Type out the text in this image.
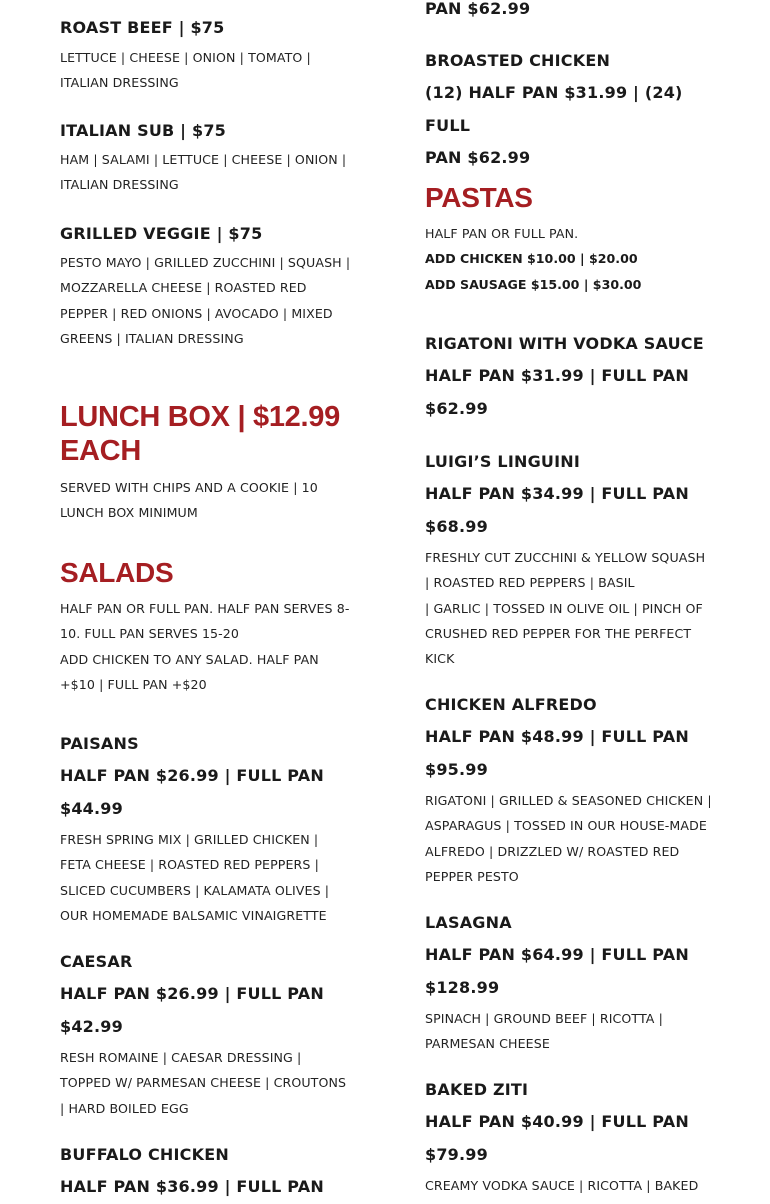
ROAST BEEF | $75

LETTUCE | CHEESE | ONION | TOMATO | ITALIAN DRESSING

ITALIAN SUB | $75

HAM | SALAMI | LETTUCE | CHEESE | ONION | ITALIAN DRESSING

GRILLED VEGGIE | $75

PESTO MAYO | GRILLED ZUCCHINI | SQUASH | MOZZARELLA CHEESE | ROASTED RED PEPPER | RED ONIONS | AVOCADO | MIXED GREENS | ITALIAN DRESSING

LUNCH BOX | $12.99

EACH

SERVED WITH CHIPS AND A COOKIE | 10 LUNCH BOX MINIMUM

SALADS

HALF PAN OR FULL PAN. HALF PAN SERVES 8-10. FULL PAN SERVES 15-20

ADD CHICKEN TO ANY SALAD. HALF PAN +$10 | FULL PAN +$20

PAISANS

HALF PAN $26.99 | FULL PAN

$44.99

FRESH SPRING MIX | GRILLED CHICKEN | FETA CHEESE | ROASTED RED PEPPERS | SLICED CUCUMBERS | KALAMATA OLIVES | OUR HOMEMADE BALSAMIC VINAIGRETTE

CAESAR

HALF PAN $26.99 | FULL PAN

$42.99

RESH ROMAINE | CAESAR DRESSING | TOPPED W/ PARMESAN CHEESE | CROUTONS | HARD BOILED EGG

BUFFALO CHICKEN

HALF PAN $36.99 | FULL PAN

PAN $62.99

BROASTED CHICKEN

(12) HALF PAN $31.99 | (24) FULL

PAN $62.99

PASTAS

HALF PAN OR FULL PAN.

ADD CHICKEN $10.00 | $20.00

ADD SAUSAGE $15.00 | $30.00

RIGATONI WITH VODKA SAUCE

HALF PAN $31.99 | FULL PAN

$62.99

LUIGI’S LINGUINI

HALF PAN $34.99 | FULL PAN

$68.99

FRESHLY CUT ZUCCHINI & YELLOW SQUASH

| ROASTED RED PEPPERS | BASIL

| GARLIC | TOSSED IN OLIVE OIL | PINCH OF CRUSHED RED PEPPER FOR THE PERFECT KICK

CHICKEN ALFREDO

HALF PAN $48.99 | FULL PAN

$95.99

RIGATONI | GRILLED & SEASONED CHICKEN | ASPARAGUS | TOSSED IN OUR HOUSE-MADE ALFREDO | DRIZZLED W/ ROASTED RED PEPPER PESTO

LASAGNA

HALF PAN $64.99 | FULL PAN

$128.99

SPINACH | GROUND BEEF | RICOTTA | PARMESAN CHEESE

BAKED ZITI

HALF PAN $40.99 | FULL PAN

$79.99

CREAMY VODKA SAUCE | RICOTTA | BAKED
